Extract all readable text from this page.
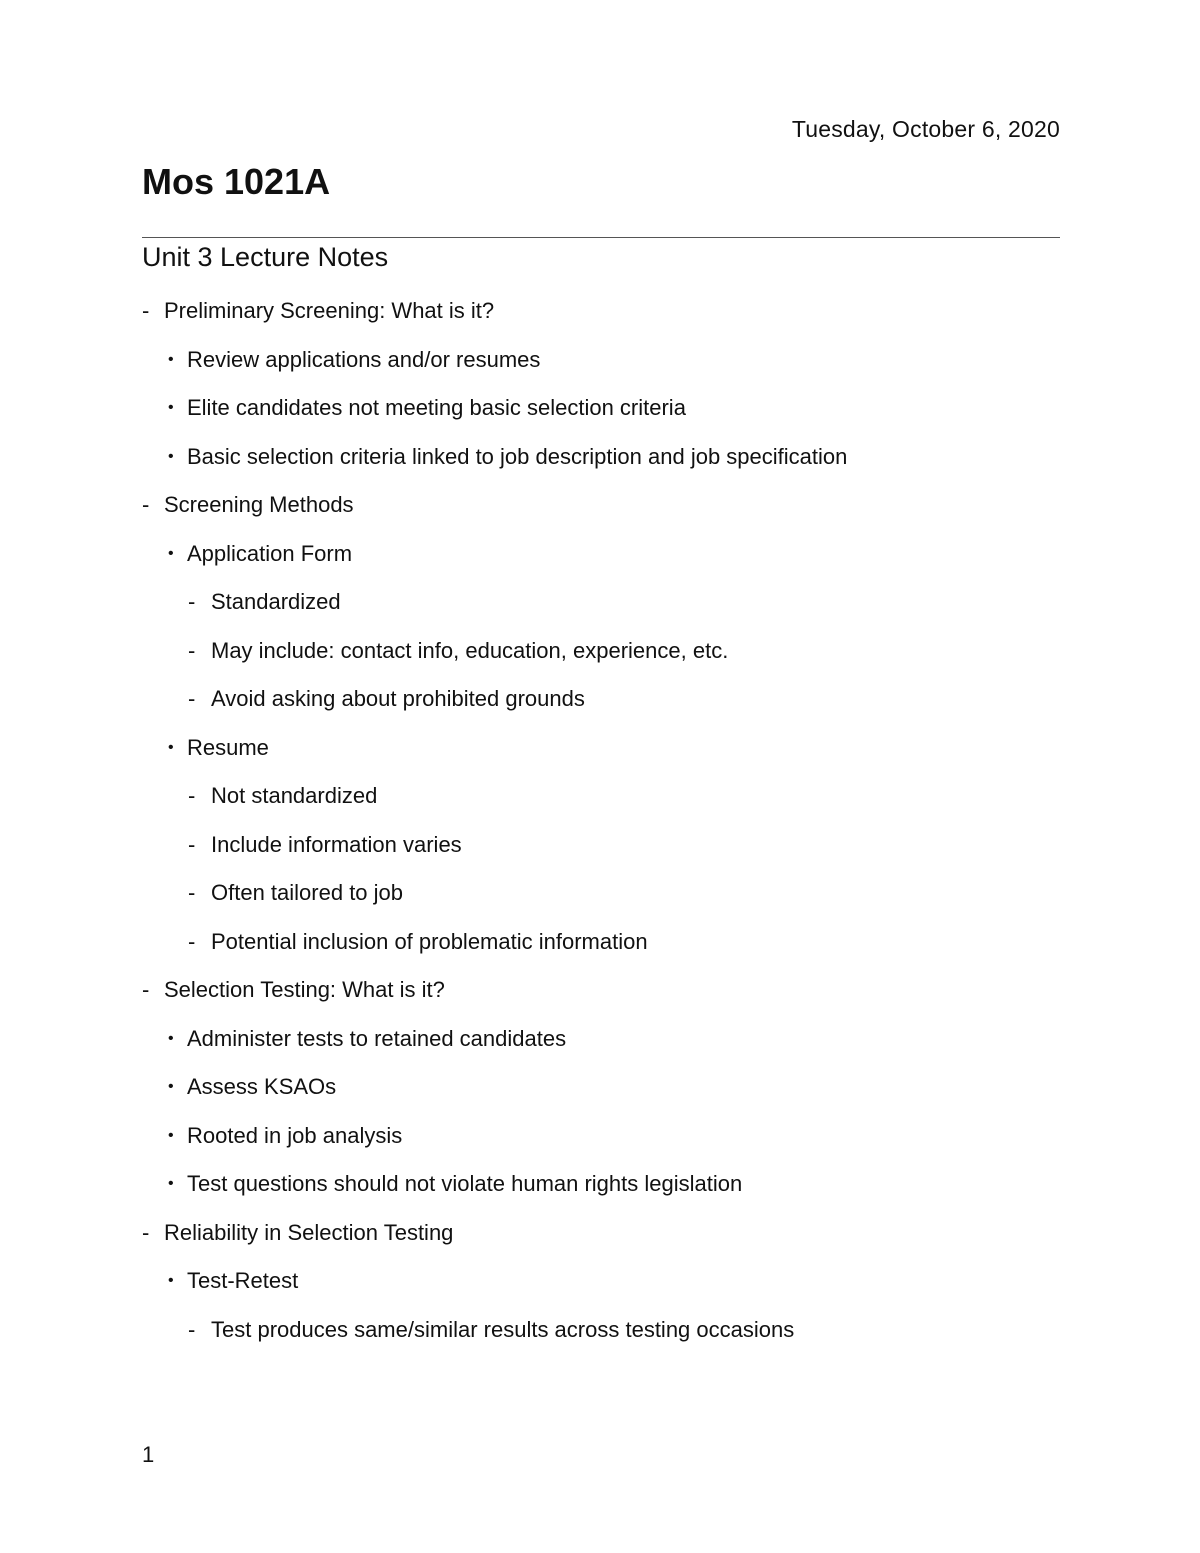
Tuesday, October 6, 2020
Mos 1021A
Unit 3 Lecture Notes
- Preliminary Screening: What is it?
• Review applications and/or resumes
• Elite candidates not meeting basic selection criteria
• Basic selection criteria linked to job description and job specification
- Screening Methods
• Application Form
- Standardized
- May include: contact info, education, experience, etc.
- Avoid asking about prohibited grounds
• Resume
- Not standardized
- Include information varies
- Often tailored to job
- Potential inclusion of problematic information
- Selection Testing: What is it?
• Administer tests to retained candidates
• Assess KSAOs
• Rooted in job analysis
• Test questions should not violate human rights legislation
- Reliability in Selection Testing
• Test-Retest
- Test produces same/similar results across testing occasions
1
